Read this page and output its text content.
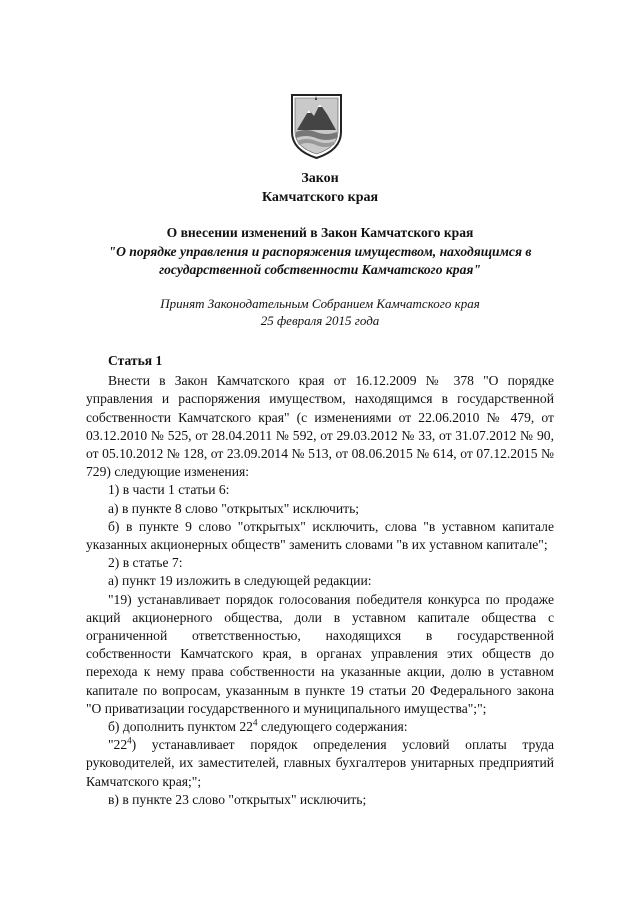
Закон
Камчатского края
О внесении изменений в Закон Камчатского края
"О порядке управления и распоряжения имуществом, находящимся в
государственной собственности Камчатского края"
Принят Законодательным Собранием Камчатского края
25 февраля 2015 года
Статья 1

Внести в Закон Камчатского края от 16.12.2009 № 378 "О порядке управления и распоряжения имуществом, находящимся в государственной собственности Камчатского края" (с изменениями от 22.06.2010 № 479, от 03.12.2010 № 525, от 28.04.2011 № 592, от 29.03.2012 № 33, от 31.07.2012 № 90, от 05.10.2012 № 128, от 23.09.2014 № 513, от 08.06.2015 № 614, от 07.12.2015 № 729) следующие изменения:

1) в части 1 статьи 6:

а) в пункте 8 слово "открытых" исключить;

б) в пункте 9 слово "открытых" исключить, слова "в уставном капитале указанных акционерных обществ" заменить словами "в их уставном капитале";

2) в статье 7:

а) пункт 19 изложить в следующей редакции:

"19) устанавливает порядок голосования победителя конкурса по продаже акций акционерного общества, доли в уставном капитале общества с ограниченной ответственностью, находящихся в государственной собственности Камчатского края, в органах управления этих обществ до перехода к нему права собственности на указанные акции, долю в уставном капитале по вопросам, указанным в пункте 19 статьи 20 Федерального закона "О приватизации государственного и муниципального имущества";";

б) дополнить пунктом $22^4$ следующего содержания:

"$22^4$) устанавливает порядок определения условий оплаты труда руководителей, их заместителей, главных бухгалтеров унитарных предприятий Камчатского края;";

в) в пункте 23 слово "открытых" исключить;
